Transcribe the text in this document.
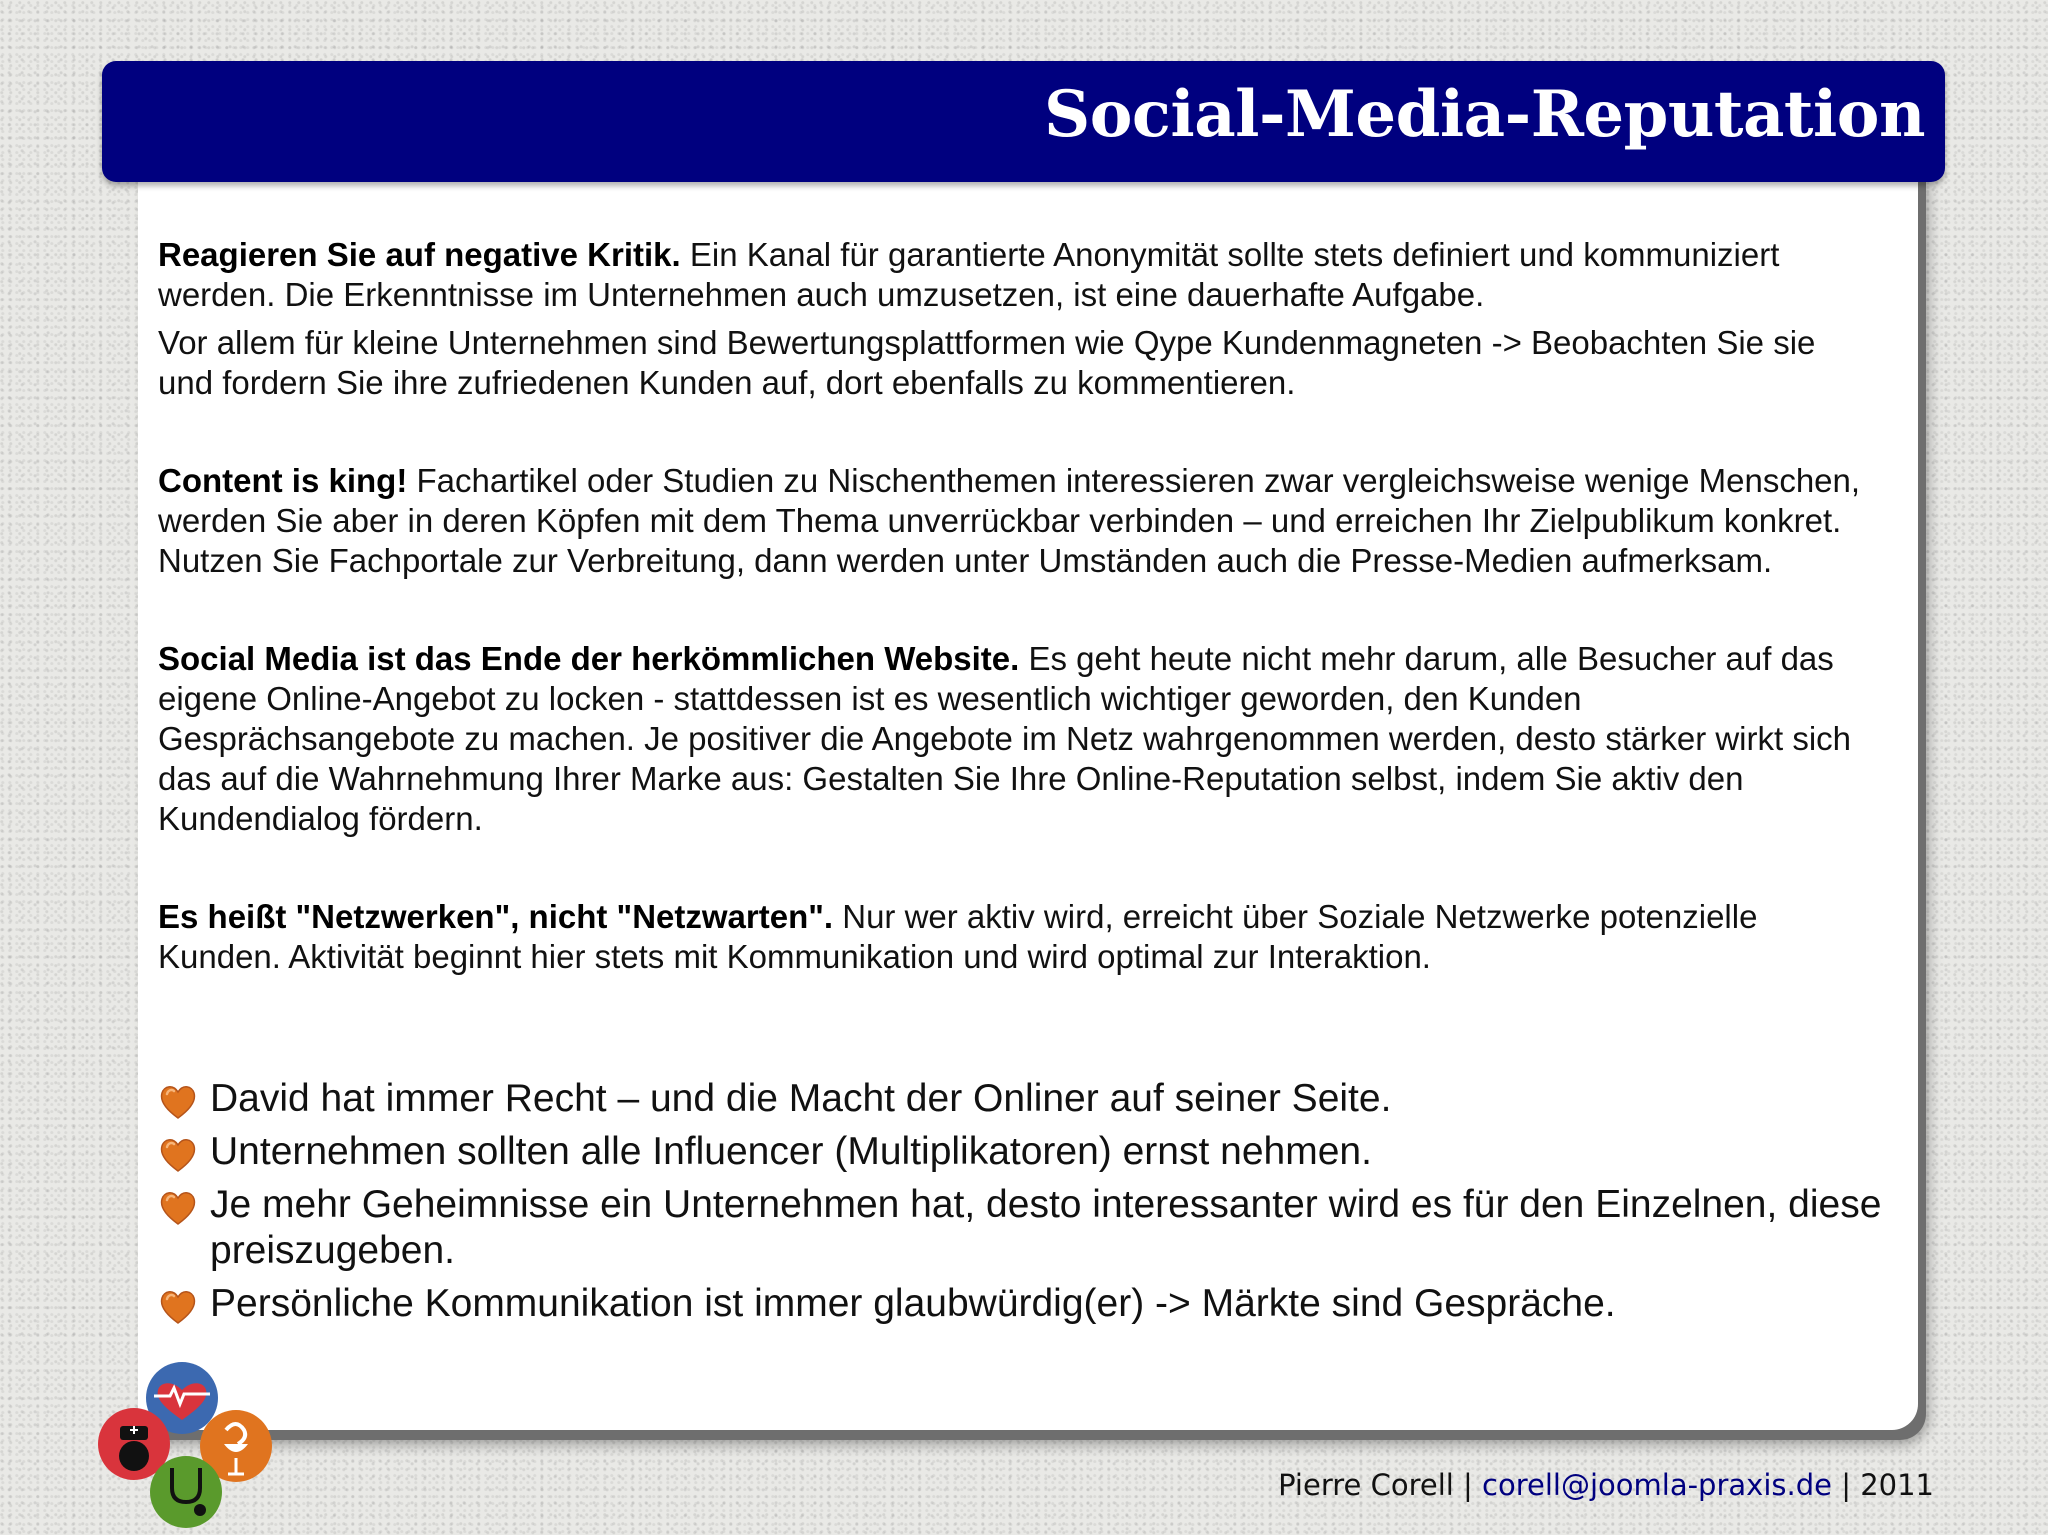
Social-Media-Reputation

Reagieren Sie auf negative Kritik. Ein Kanal für garantierte Anonymität sollte stets definiert und kommuniziert werden. Die Erkenntnisse im Unternehmen auch umzusetzen, ist eine dauerhafte Aufgabe.

Vor allem für kleine Unternehmen sind Bewertungsplattformen wie Qype Kundenmagneten -> Beobachten Sie sie und fordern Sie ihre zufriedenen Kunden auf, dort ebenfalls zu kommentieren.

Content is king! Fachartikel oder Studien zu Nischenthemen interessieren zwar vergleichsweise wenige Menschen, werden Sie aber in deren Köpfen mit dem Thema unverrückbar verbinden – und erreichen Ihr Zielpublikum konkret. Nutzen Sie Fachportale zur Verbreitung, dann werden unter Umständen auch die Presse-Medien aufmerksam.

Social Media ist das Ende der herkömmlichen Website. Es geht heute nicht mehr darum, alle Besucher auf das eigene Online-Angebot zu locken - stattdessen ist es wesentlich wichtiger geworden, den Kunden Gesprächsangebote zu machen. Je positiver die Angebote im Netz wahrgenommen werden, desto stärker wirkt sich das auf die Wahrnehmung Ihrer Marke aus: Gestalten Sie Ihre Online-Reputation selbst, indem Sie aktiv den Kundendialog fördern.

Es heißt "Netzwerken", nicht "Netzwarten". Nur wer aktiv wird, erreicht über Soziale Netzwerke potenzielle Kunden. Aktivität beginnt hier stets mit Kommunikation und wird optimal zur Interaktion.

David hat immer Recht – und die Macht der Onliner auf seiner Seite.
Unternehmen sollten alle Influencer (Multiplikatoren) ernst nehmen.
Je mehr Geheimnisse ein Unternehmen hat, desto interessanter wird es für den Einzelnen, diese preiszugeben.
Persönliche Kommunikation ist immer glaubwürdig(er) -> Märkte sind Gespräche.
Pierre Corell | corell@joomla-praxis.de | 2011
